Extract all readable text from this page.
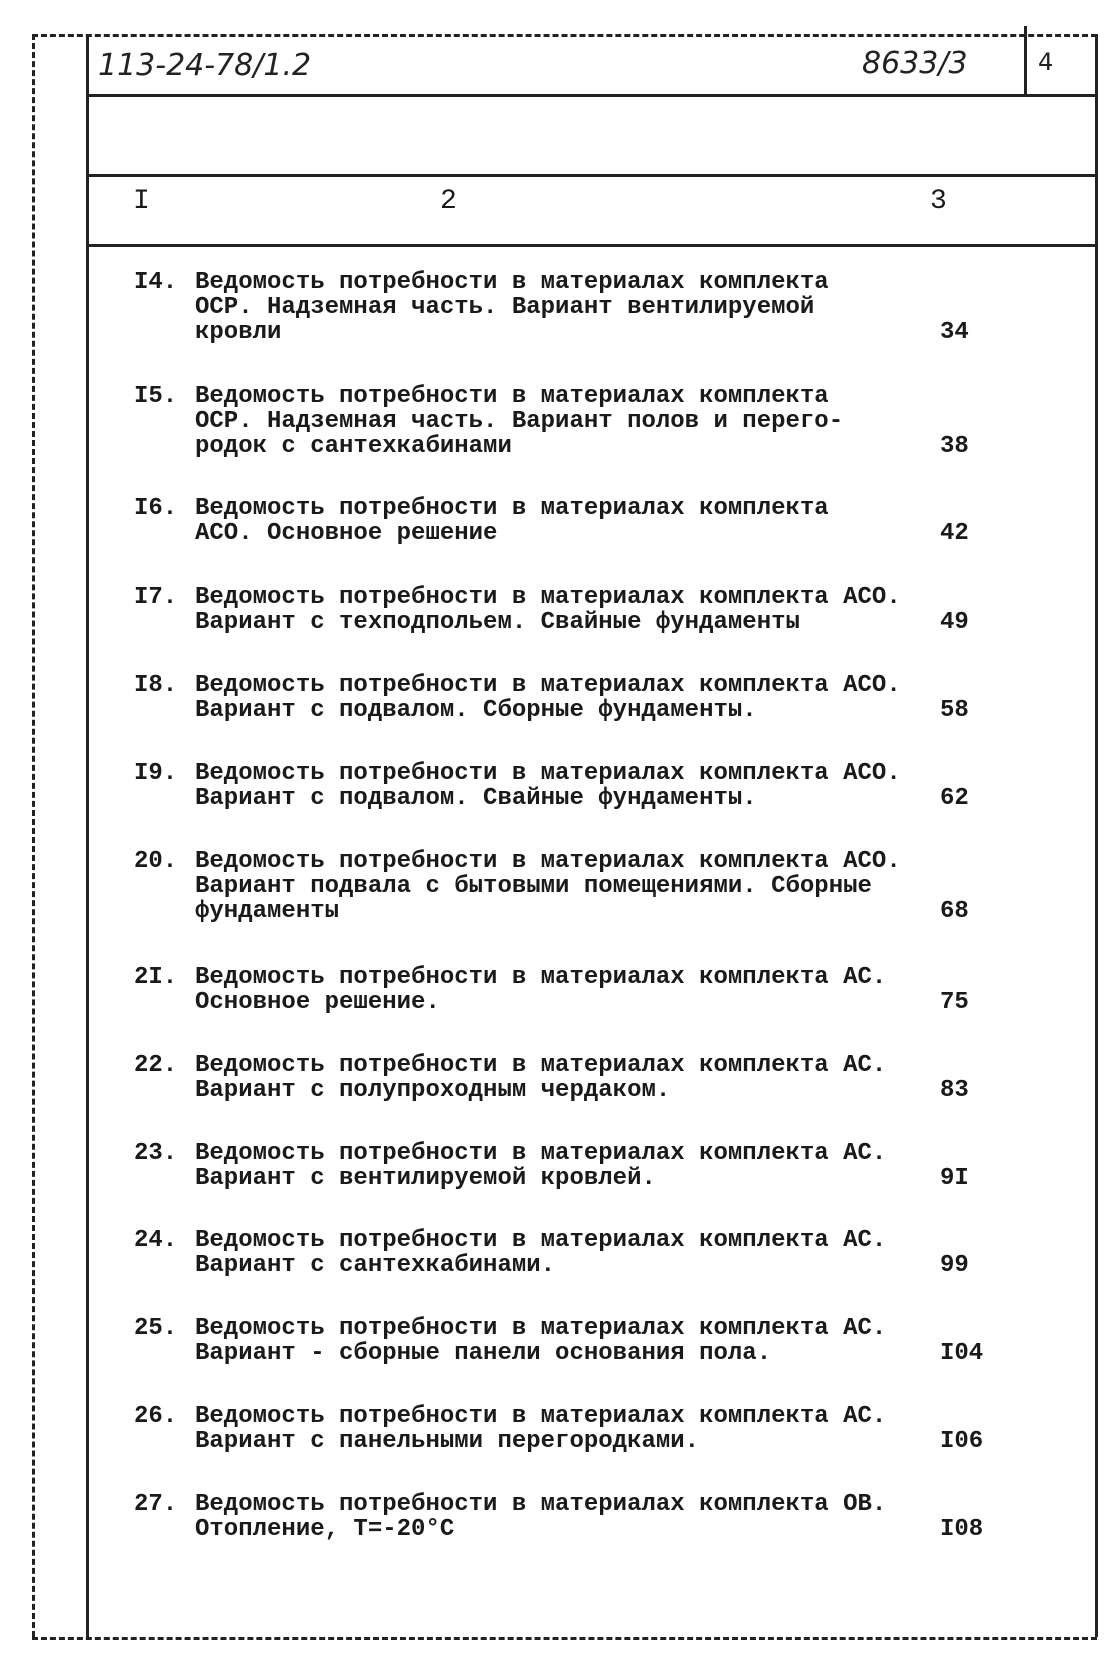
113-24-78/1.2	8633/3	4
I	2	3
I4. Ведомость потребности в материалах комплекта
ОСР. Надземная часть. Вариант вентилируемой
кровли	34
I5. Ведомость потребности в материалах комплекта
ОСР. Надземная часть. Вариант полов и перего-
родок с сантехкабинами	38
I6. Ведомость потребности в материалах комплекта
АСО. Основное решение	42
I7. Ведомость потребности в материалах комплекта АСО.
Вариант с техподпольем. Свайные фундаменты	49
I8. Ведомость потребности в материалах комплекта АСО.
Вариант с подвалом. Сборные фундаменты.	58
I9. Ведомость потребности в материалах комплекта АСО.
Вариант с подвалом. Свайные фундаменты.	62
20. Ведомость потребности в материалах комплекта АСО.
Вариант подвала с бытовыми помещениями. Сборные
фундаменты	68
2I. Ведомость потребности в материалах комплекта АС.
Основное решение.	75
22. Ведомость потребности в материалах комплекта АС.
Вариант с полупроходным чердаком.	83
23. Ведомость потребности в материалах комплекта АС.
Вариант с вентилируемой кровлей.	9I
24. Ведомость потребности в материалах комплекта АС.
Вариант с сантехкабинами.	99
25. Ведомость потребности в материалах комплекта АС.
Вариант - сборные панели основания пола.	I04
26. Ведомость потребности в материалах комплекта АС.
Вариант с панельными перегородками.	I06
27. Ведомость потребности в материалах комплекта ОВ.
Отопление, Т=-20°С	I08
